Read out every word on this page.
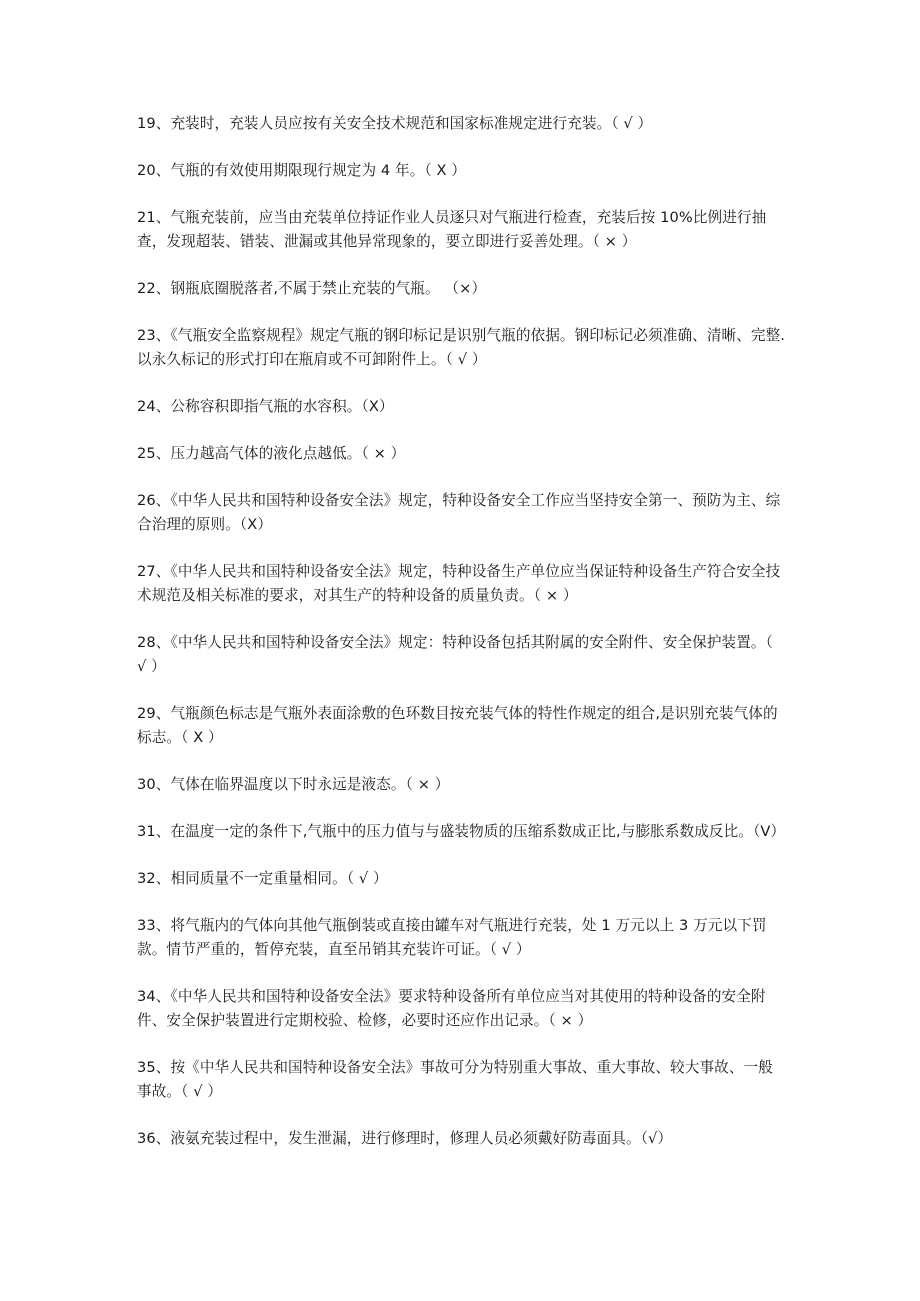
19、充装时，充装人员应按有关安全技术规范和国家标准规定进行充装。（ √ ）

20、气瓶的有效使用期限现行规定为 4 年。（ X ）

21、气瓶充装前，应当由充装单位持证作业人员逐只对气瓶进行检查，充装后按 10%比例进行抽查，发现超装、错装、泄漏或其他异常现象的，要立即进行妥善处理。（ × ）

22、钢瓶底圈脱落者,不属于禁止充装的气瓶。 （×）

23、《气瓶安全监察规程》规定气瓶的钢印标记是识别气瓶的依据。钢印标记必须准确、清晰、完整.以永久标记的形式打印在瓶肩或不可卸附件上。（ √ ）

24、公称容积即指气瓶的水容积。（X）

25、压力越高气体的液化点越低。（ × ）

26、《中华人民共和国特种设备安全法》规定，特种设备安全工作应当坚持安全第一、预防为主、综合治理的原则。（X）

27、《中华人民共和国特种设备安全法》规定，特种设备生产单位应当保证特种设备生产符合安全技术规范及相关标准的要求，对其生产的特种设备的质量负责。（ × ）

28、《中华人民共和国特种设备安全法》规定：特种设备包括其附属的安全附件、安全保护装置。（ √ ）

29、气瓶颜色标志是气瓶外表面涂敷的色环数目按充装气体的特性作规定的组合,是识别充装气体的标志。（ X ）

30、气体在临界温度以下时永远是液态。（ × ）

31、在温度一定的条件下,气瓶中的压力值与与盛装物质的压缩系数成正比,与膨胀系数成反比。（V）

32、相同质量不一定重量相同。（ √ ）

33、将气瓶内的气体向其他气瓶倒装或直接由罐车对气瓶进行充装，处 1 万元以上 3 万元以下罚款。情节严重的，暂停充装，直至吊销其充装许可证。（ √ ）

34、《中华人民共和国特种设备安全法》要求特种设备所有单位应当对其使用的特种设备的安全附件、安全保护装置进行定期校验、检修，必要时还应作出记录。（ × ）

35、按《中华人民共和国特种设备安全法》事故可分为特别重大事故、重大事故、较大事故、一般事故。（ √ ）

36、液氨充装过程中，发生泄漏，进行修理时，修理人员必须戴好防毒面具。（√）
